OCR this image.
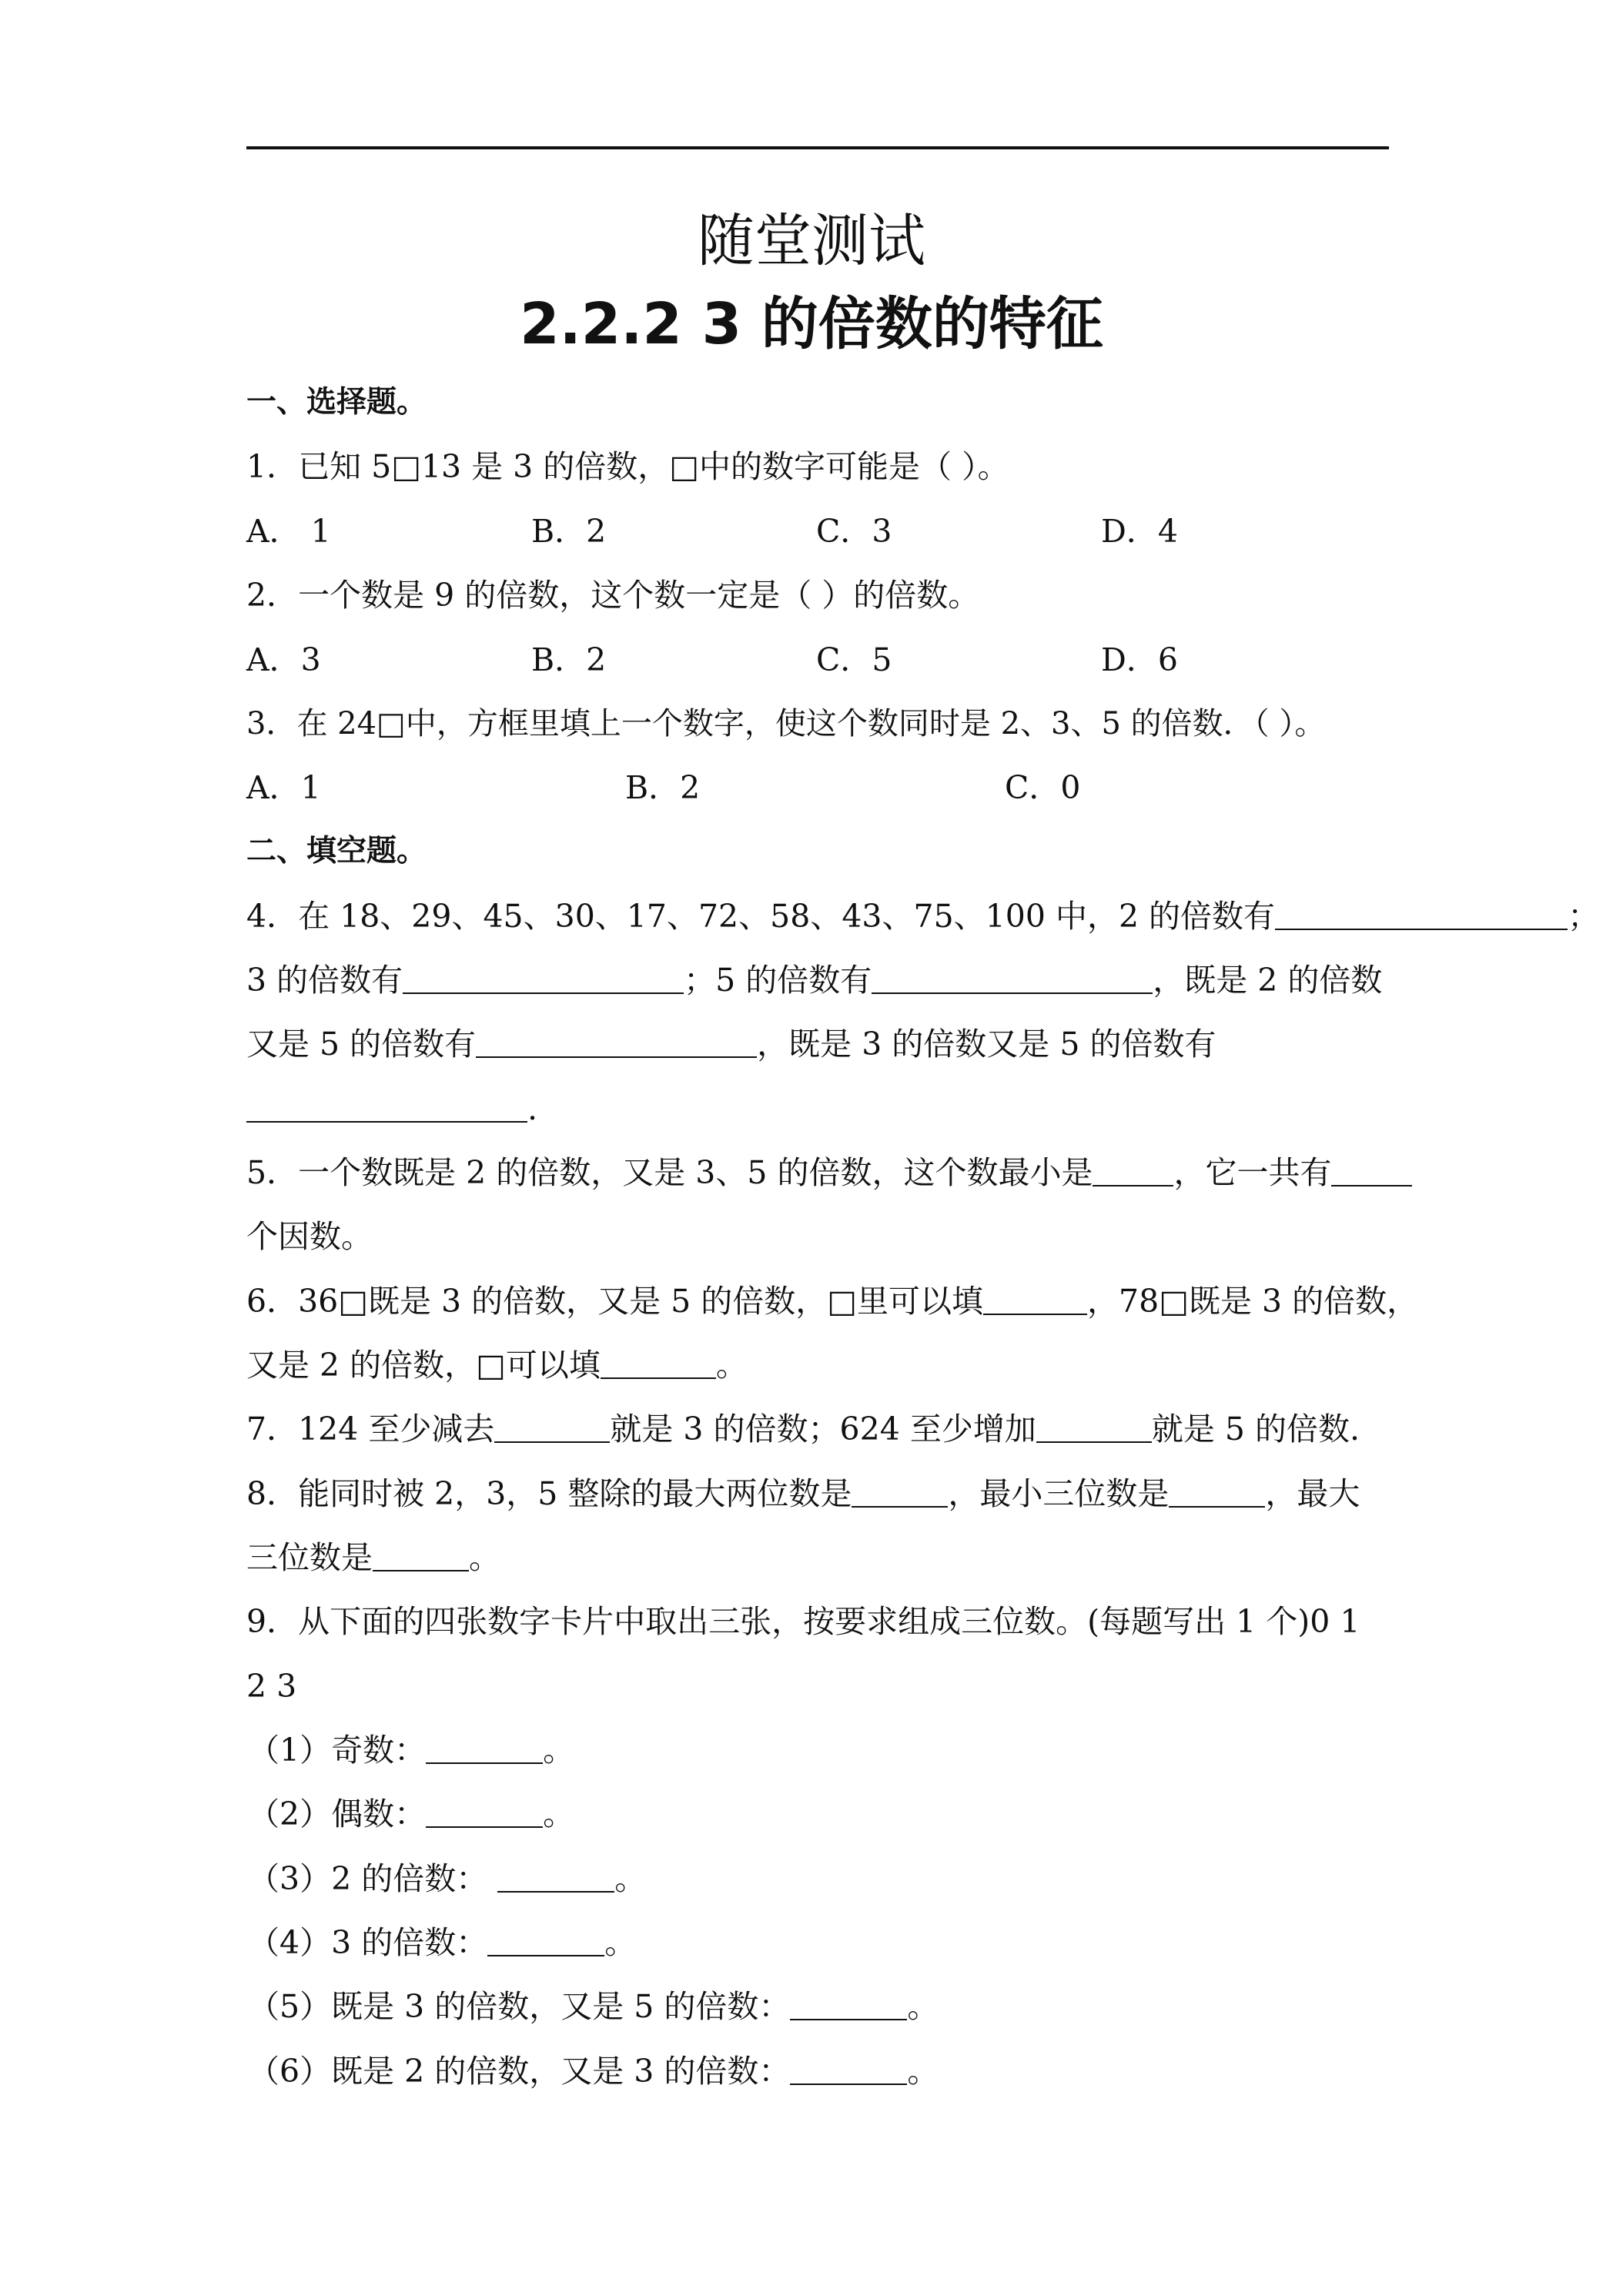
随堂测试
2.2.2 3 的倍数的特征
一、选择题。
1．已知 5□13 是 3 的倍数，□中的数字可能是（ ）。
A． 1	B．2	C．3	D．4
2．一个数是 9 的倍数，这个数一定是（ ）的倍数。
A．3	B．2	C．5	D．6
3．在 24□中，方框里填上一个数字，使这个数同时是 2、3、5 的倍数．（ ）。
A．1	B．2	C．0
二、填空题。
4．在 18、29、45、30、17、72、58、43、75、100 中，2 的倍数有	；
3 的倍数有	；5 的倍数有	，既是 2 的倍数
又是 5 的倍数有	，既是 3 的倍数又是 5 的倍数有
.
5．一个数既是 2 的倍数，又是 3、5 的倍数，这个数最小是	，它一共有
个因数。
6．36□既是 3 的倍数，又是 5 的倍数，□里可以填	，78□既是 3 的倍数，
又是 2 的倍数，□可以填	。
7．124 至少减去	就是 3 的倍数；624 至少增加	就是 5 的倍数.
8．能同时被 2，3，5 整除的最大两位数是	，最小三位数是	，最大
三位数是	。
9．从下面的四张数字卡片中取出三张，按要求组成三位数。(每题写出 1 个)0 1
2 3
（1）奇数：	。
（2）偶数：	。
（3）2 的倍数：	。
（4）3 的倍数：	。
（5）既是 3 的倍数，又是 5 的倍数：	。
（6）既是 2 的倍数，又是 3 的倍数：	。
